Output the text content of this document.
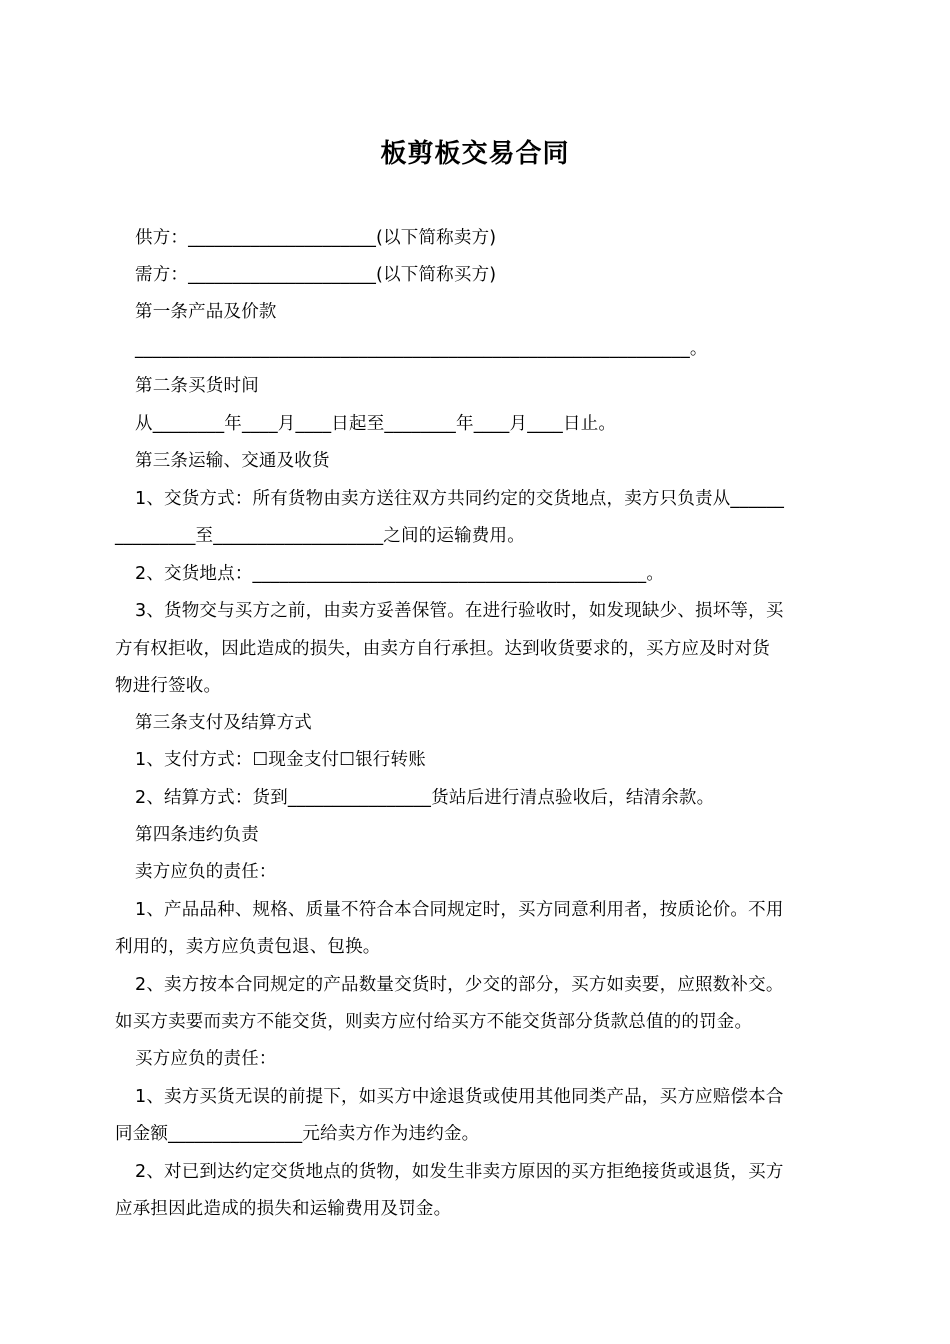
板剪板交易合同
供方：_____________________(以下简称卖方)
需方：_____________________(以下简称买方)
第一条产品及价款
______________________________________________________________。
第二条买货时间
从________年____月____日起至________年____月____日止。
第三条运输、交通及收货
1、交货方式：所有货物由卖方送往双方共同约定的交货地点，卖方只负责从______
_________至___________________之间的运输费用。
2、交货地点：____________________________________________。
3、货物交与买方之前，由卖方妥善保管。在进行验收时，如发现缺少、损坏等，买
方有权拒收，因此造成的损失，由卖方自行承担。达到收货要求的，买方应及时对货
物进行签收。
第三条支付及结算方式
1、支付方式：☐现金支付☐银行转账
2、结算方式：货到________________货站后进行清点验收后，结清余款。
第四条违约负责
卖方应负的责任：
1、产品品种、规格、质量不符合本合同规定时，买方同意利用者，按质论价。不用
利用的，卖方应负责包退、包换。
2、卖方按本合同规定的产品数量交货时，少交的部分，买方如卖要，应照数补交。
如买方卖要而卖方不能交货，则卖方应付给买方不能交货部分货款总值的的罚金。
买方应负的责任：
1、卖方买货无误的前提下，如买方中途退货或使用其他同类产品，买方应赔偿本合
同金额_______________元给卖方作为违约金。
2、对已到达约定交货地点的货物，如发生非卖方原因的买方拒绝接货或退货，买方
应承担因此造成的损失和运输费用及罚金。
